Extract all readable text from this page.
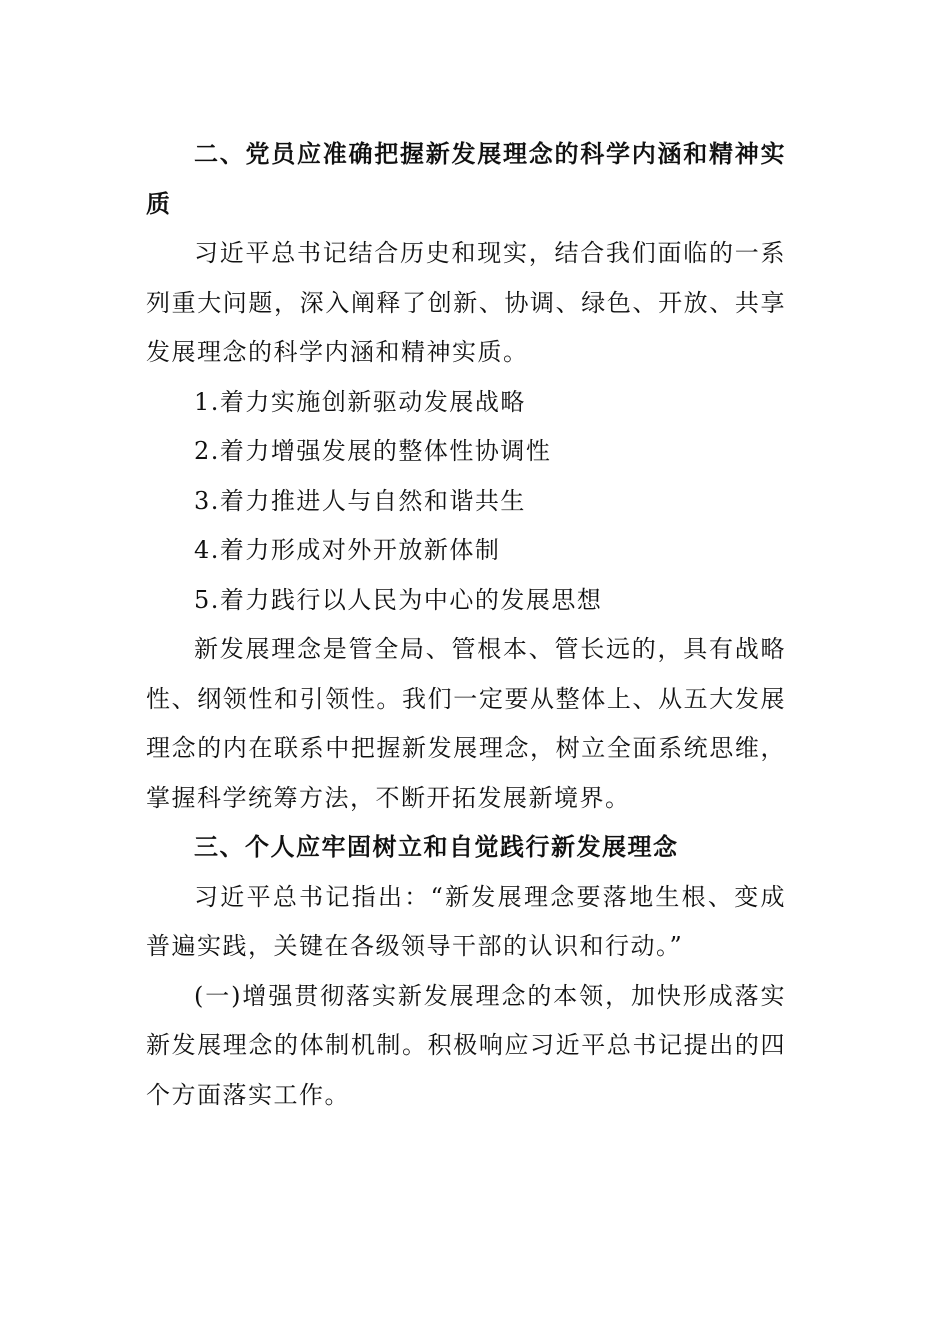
二、党员应准确把握新发展理念的科学内涵和精神实质

习近平总书记结合历史和现实，结合我们面临的一系列重大问题，深入阐释了创新、协调、绿色、开放、共享发展理念的科学内涵和精神实质。

1.着力实施创新驱动发展战略

2.着力增强发展的整体性协调性

3.着力推进人与自然和谐共生

4.着力形成对外开放新体制

5.着力践行以人民为中心的发展思想

新发展理念是管全局、管根本、管长远的，具有战略性、纲领性和引领性。我们一定要从整体上、从五大发展理念的内在联系中把握新发展理念，树立全面系统思维，掌握科学统筹方法，不断开拓发展新境界。

三、个人应牢固树立和自觉践行新发展理念

习近平总书记指出：“新发展理念要落地生根、变成普遍实践，关键在各级领导干部的认识和行动。”

(一)增强贯彻落实新发展理念的本领，加快形成落实新发展理念的体制机制。积极响应习近平总书记提出的四个方面落实工作。
